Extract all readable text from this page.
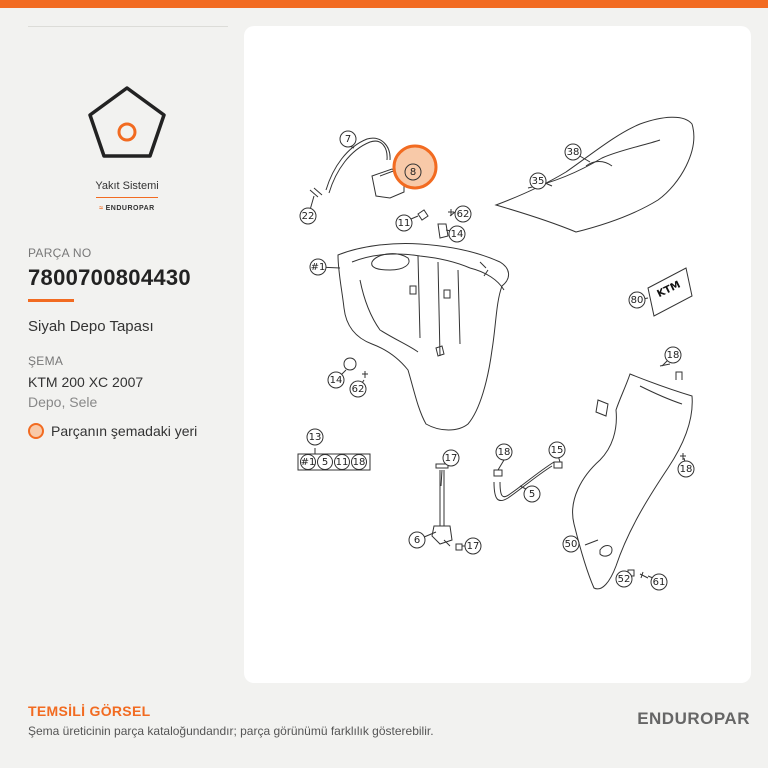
Yakıt Sistemi
≈ ENDUROPAR
PARÇA NO
7800700804430
Siyah Depo Tapası
ŞEMA
KTM 200 XC 2007
Depo, Sele
Parçanın şemadaki yeri
KTM
7
8
38
35
22
11
62
14
#1
80
18
14
62
13
#1 5 11 18
6
17
17
18	15
5
18
50
52 61
TEMSİLİ GÖRSEL
Şema üreticinin parça kataloğundandır; parça görünümü farklılık gösterebilir.
ENDUROPAR
